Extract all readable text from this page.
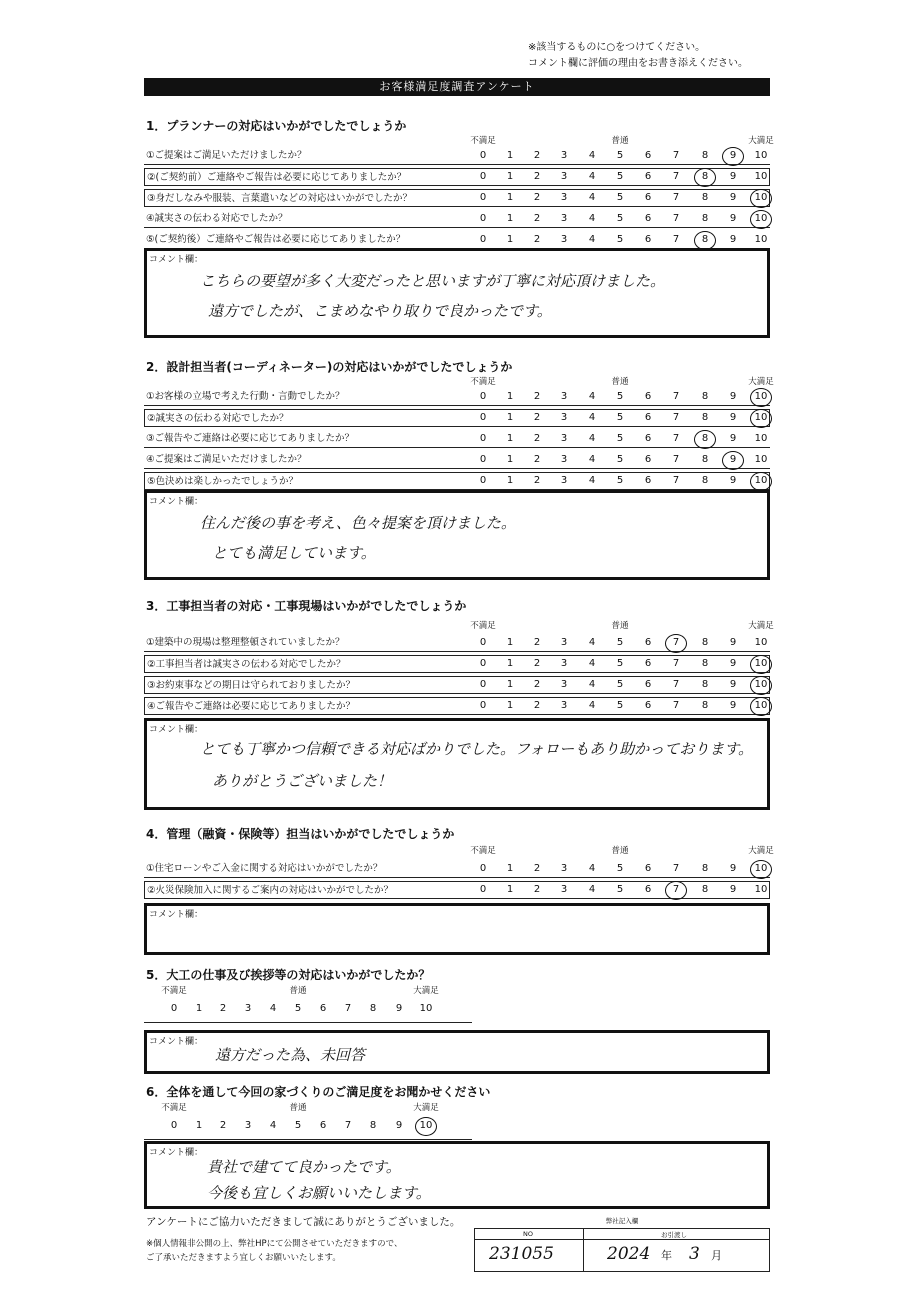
※該当するものに○をつけてください。
コメント欄に評価の理由をお書き添えください。
お客様満足度調査アンケート
1．プランナーの対応はいかがでしたでしょうか
不満足	普通	大満足
①ご提案はご満足いただけましたか？	0	1	2	3	4	5	6	7	8	9	10
②(ご契約前）ご連絡やご報告は必要に応じてありましたか？	0	1	2	3	4	5	6	7	8	9	10
③身だしなみや服装、言葉遣いなどの対応はいかがでしたか？	0	1	2	3	4	5	6	7	8	9	10
④誠実さの伝わる対応でしたか？	0	1	2	3	4	5	6	7	8	9	10
⑤(ご契約後）ご連絡やご報告は必要に応じてありましたか？	0	1	2	3	4	5	6	7	8	9	10
コメント欄：
こちらの要望が多く大変だったと思いますが丁寧に対応頂けました。
遠方でしたが、こまめなやり取りで良かったです。
2．設計担当者(コーディネーター)の対応はいかがでしたでしょうか
不満足	普通	大満足
①お客様の立場で考えた行動・言動でしたか？	0	1	2	3	4	5	6	7	8	9	10
②誠実さの伝わる対応でしたか？	0	1	2	3	4	5	6	7	8	9	10
③ご報告やご連絡は必要に応じてありましたか？	0	1	2	3	4	5	6	7	8	9	10
④ご提案はご満足いただけましたか？	0	1	2	3	4	5	6	7	8	9	10
⑤色決めは楽しかったでしょうか？	0	1	2	3	4	5	6	7	8	9	10
コメント欄：
住んだ後の事を考え、色々提案を頂けました。
とても満足しています。
3．工事担当者の対応・工事現場はいかがでしたでしょうか
不満足	普通	大満足
①建築中の現場は整理整頓されていましたか？	0	1	2	3	4	5	6	7	8	9	10
②工事担当者は誠実さの伝わる対応でしたか？	0	1	2	3	4	5	6	7	8	9	10
③お約束事などの期日は守られておりましたか？	0	1	2	3	4	5	6	7	8	9	10
④ご報告やご連絡は必要に応じてありましたか？	0	1	2	3	4	5	6	7	8	9	10
コメント欄：
とても丁寧かつ信頼できる対応ばかりでした。フォローもあり助かっております。
ありがとうございました！
4．管理（融資・保険等）担当はいかがでしたでしょうか
不満足	普通	大満足
①住宅ローンやご入金に関する対応はいかがでしたか？	0	1	2	3	4	5	6	7	8	9	10
②火災保険加入に関するご案内の対応はいかがでしたか？	0	1	2	3	4	5	6	7	8	9	10
コメント欄：
5．大工の仕事及び挨拶等の対応はいかがでしたか？
不満足	普通	大満足
0	1	2	3	4	5	6	7	8	9	10
コメント欄：
遠方だった為、未回答
6．全体を通して今回の家づくりのご満足度をお聞かせください
不満足	普通	大満足
0	1	2	3	4	5	6	7	8	9	10
コメント欄：
貴社で建てて良かったです。
今後も宜しくお願いいたします。
アンケートにご協力いただきまして誠にありがとうございました。
※個人情報非公開の上、弊社HPにて公開させていただきますので、
ご了承いただきますよう宜しくお願いいたします。
弊社記入欄
NO	お引渡し
231055	2024 年 3 月
